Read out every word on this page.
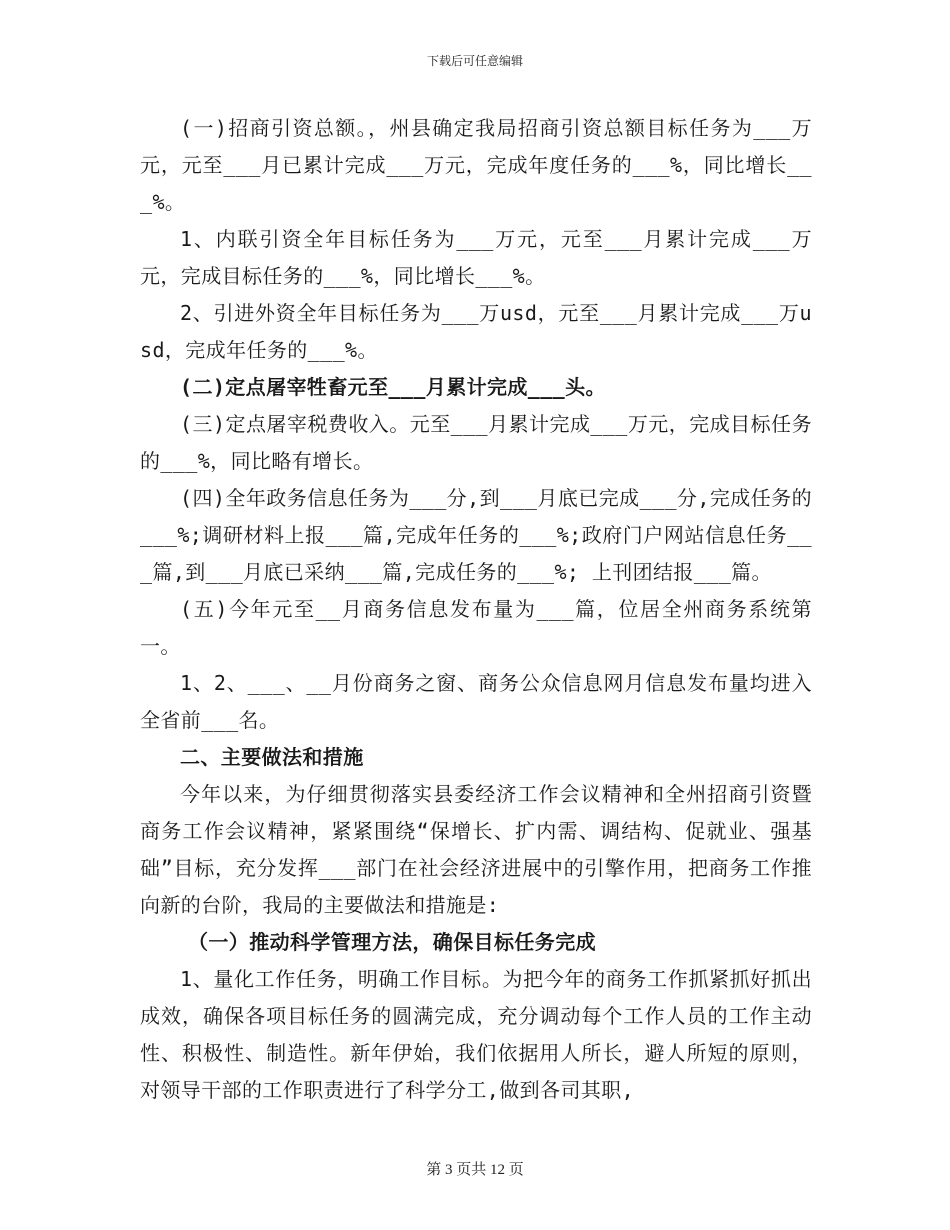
下载后可任意编辑

(一)招商引资总额。，州县确定我局招商引资总额目标任务为___万元，元至___月已累计完成___万元，完成年度任务的___%，同比增长___%。

1、内联引资全年目标任务为___万元，元至___月累计完成___万元，完成目标任务的___%，同比增长___%。

2、引进外资全年目标任务为___万usd，元至___月累计完成___万usd，完成年任务的___%。

(二)定点屠宰牲畜元至___月累计完成___头。

(三)定点屠宰税费收入。元至___月累计完成___万元，完成目标任务的___%，同比略有增长。

(四)全年政务信息任务为___分,到___月底已完成___分,完成任务的___%;调研材料上报___篇,完成年任务的___%;政府门户网站信息任务___篇,到___月底已采纳___篇,完成任务的___%; 上刊团结报___篇。

(五)今年元至__月商务信息发布量为___篇，位居全州商务系统第一。

1、2、___、__月份商务之窗、商务公众信息网月信息发布量均进入全省前___名。

二、主要做法和措施

今年以来，为仔细贯彻落实县委经济工作会议精神和全州招商引资暨商务工作会议精神，紧紧围绕“保增长、扩内需、调结构、促就业、强基础”目标，充分发挥___部门在社会经济进展中的引擎作用，把商务工作推向新的台阶，我局的主要做法和措施是:

（一）推动科学管理方法，确保目标任务完成

1、量化工作任务，明确工作目标。为把今年的商务工作抓紧抓好抓出成效，确保各项目标任务的圆满完成，充分调动每个工作人员的工作主动性、积极性、制造性。新年伊始，我们依据用人所长，避人所短的原则，对领导干部的工作职责进行了科学分工,做到各司其职,

第 3 页共 12 页
